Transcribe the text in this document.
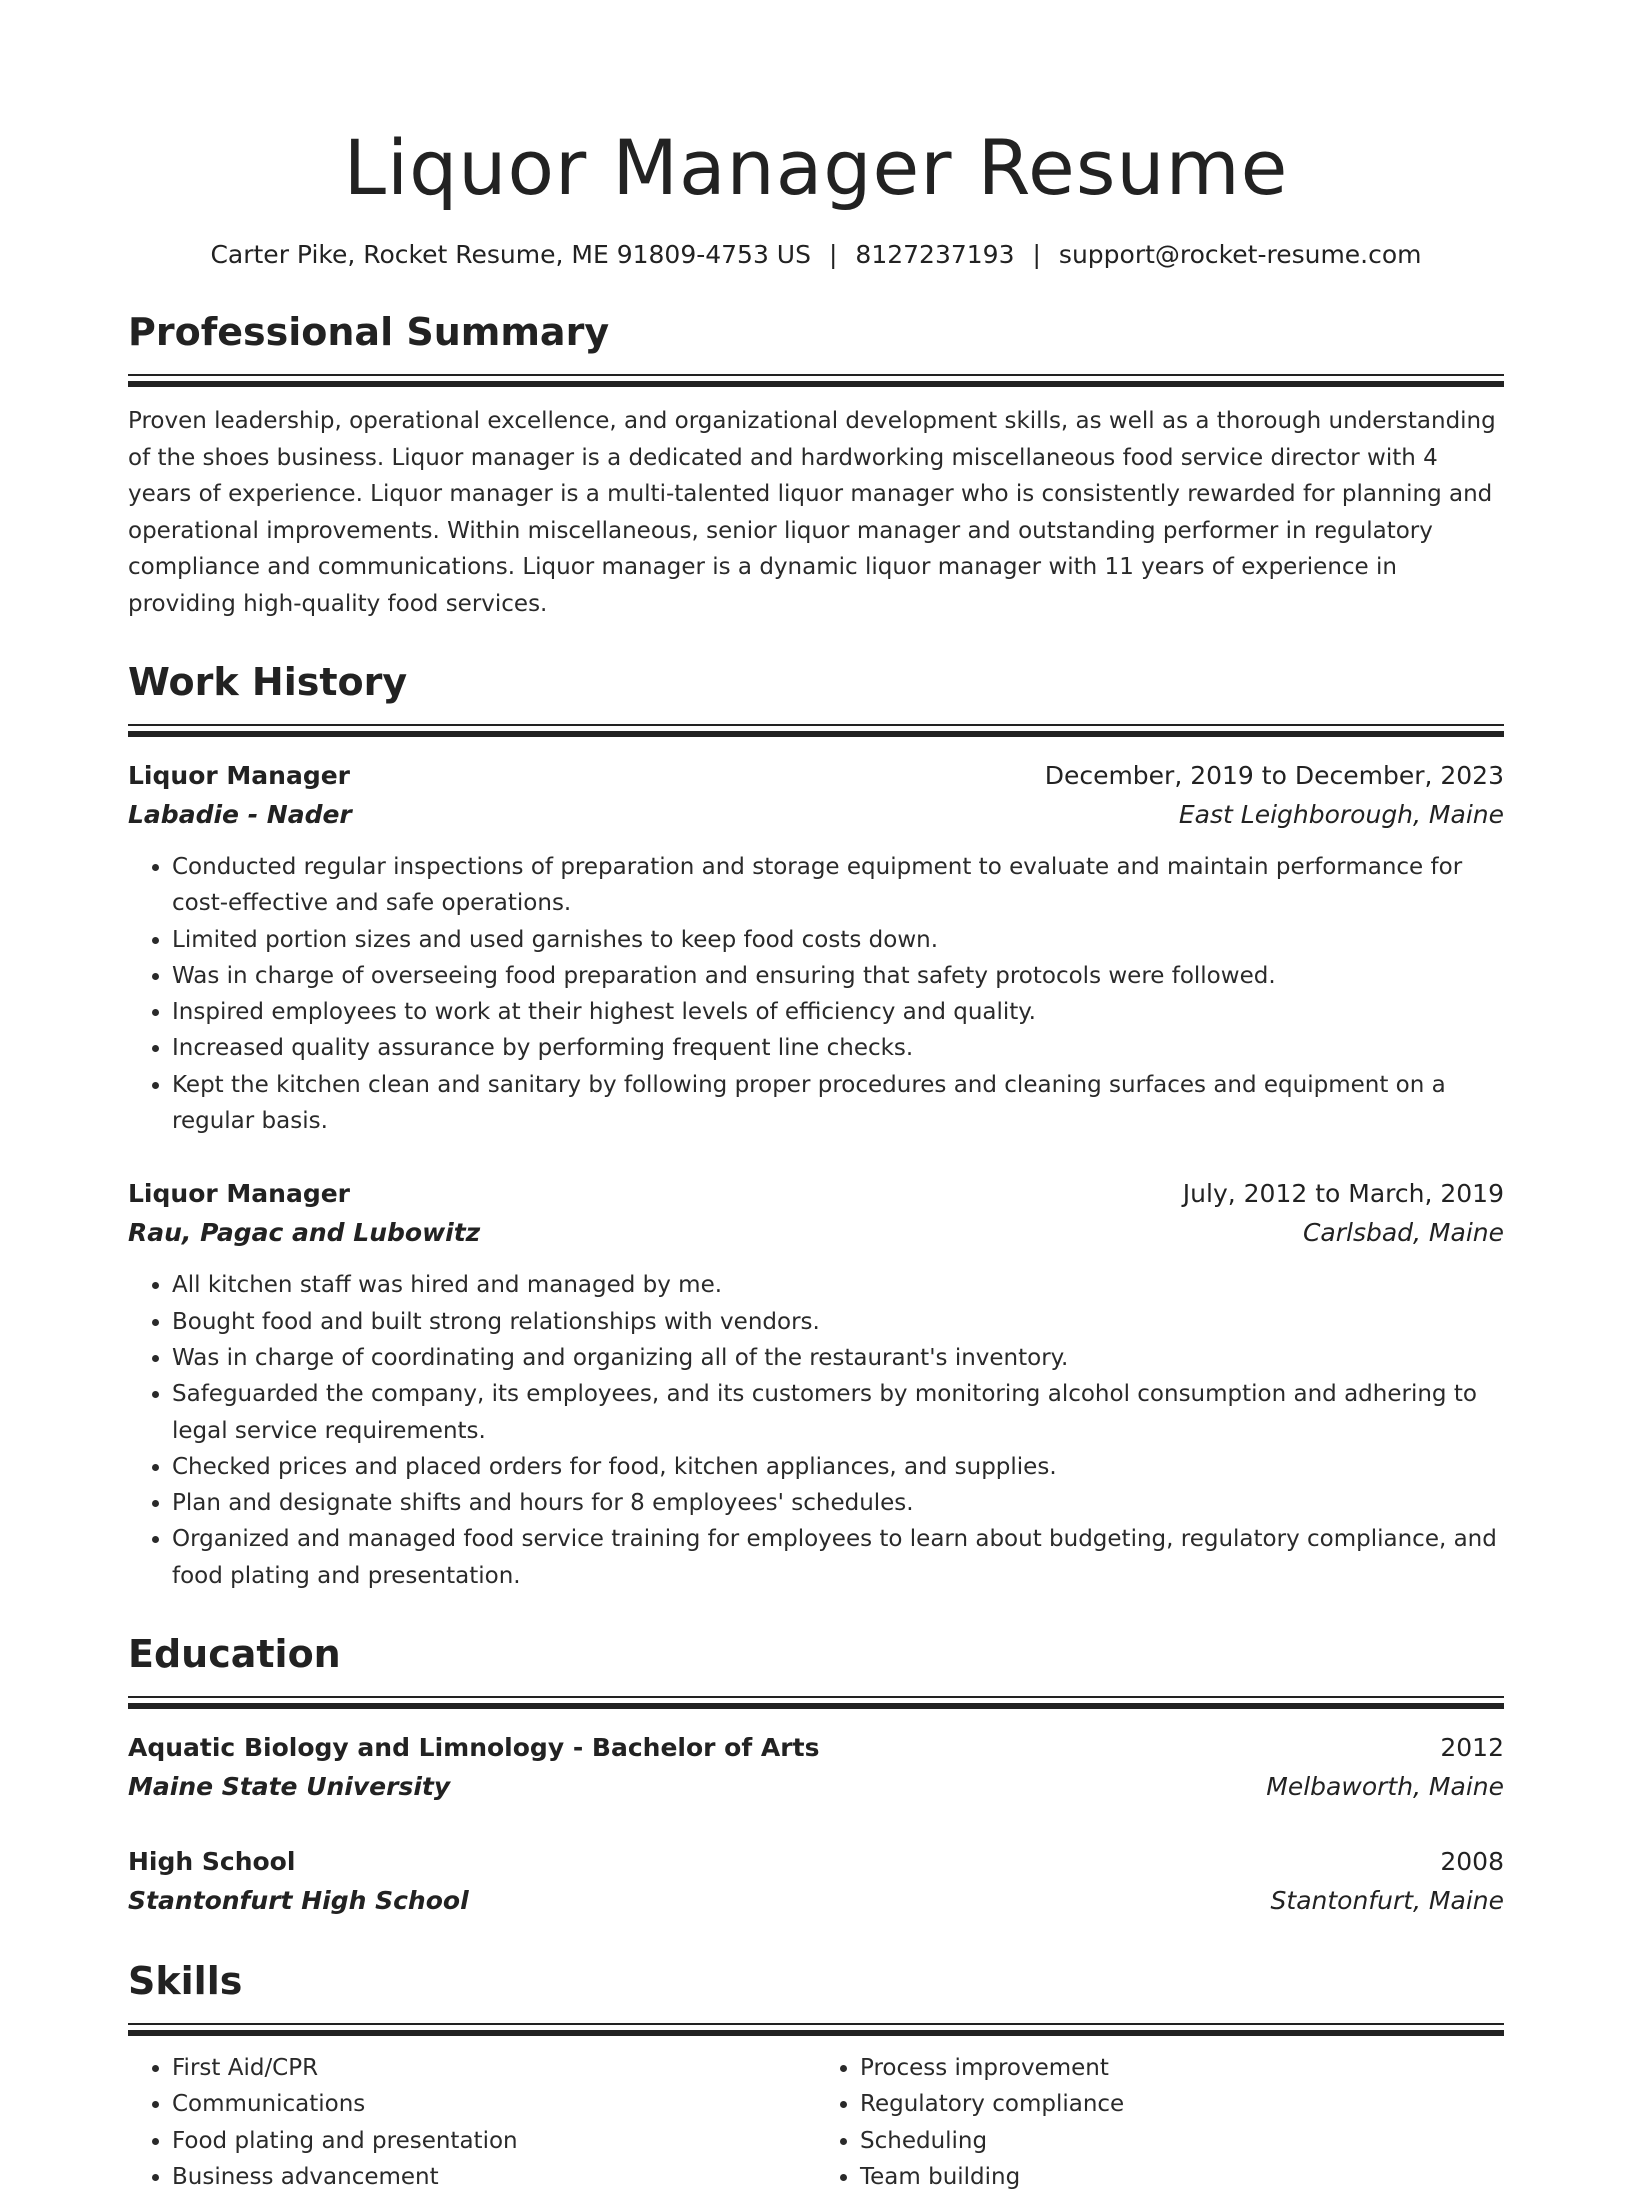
Liquor Manager Resume
Carter Pike, Rocket Resume, ME 91809-4753 US | 8127237193 | support@rocket-resume.com
Professional Summary
Proven leadership, operational excellence, and organizational development skills, as well as a thorough understanding of the shoes business. Liquor manager is a dedicated and hardworking miscellaneous food service director with 4 years of experience. Liquor manager is a multi-talented liquor manager who is consistently rewarded for planning and operational improvements. Within miscellaneous, senior liquor manager and outstanding performer in regulatory compliance and communications. Liquor manager is a dynamic liquor manager with 11 years of experience in providing high-quality food services.
Work History
Liquor Manager	December, 2019 to December, 2023
Labadie - Nader	East Leighborough, Maine
• Conducted regular inspections of preparation and storage equipment to evaluate and maintain performance for cost-effective and safe operations.
• Limited portion sizes and used garnishes to keep food costs down.
• Was in charge of overseeing food preparation and ensuring that safety protocols were followed.
• Inspired employees to work at their highest levels of efficiency and quality.
• Increased quality assurance by performing frequent line checks.
• Kept the kitchen clean and sanitary by following proper procedures and cleaning surfaces and equipment on a regular basis.
Liquor Manager	July, 2012 to March, 2019
Rau, Pagac and Lubowitz	Carlsbad, Maine
• All kitchen staff was hired and managed by me.
• Bought food and built strong relationships with vendors.
• Was in charge of coordinating and organizing all of the restaurant's inventory.
• Safeguarded the company, its employees, and its customers by monitoring alcohol consumption and adhering to legal service requirements.
• Checked prices and placed orders for food, kitchen appliances, and supplies.
• Plan and designate shifts and hours for 8 employees' schedules.
• Organized and managed food service training for employees to learn about budgeting, regulatory compliance, and food plating and presentation.
Education
Aquatic Biology and Limnology - Bachelor of Arts	2012
Maine State University	Melbaworth, Maine
High School	2008
Stantonfurt High School	Stantonfurt, Maine
Skills
• First Aid/CPR
• Communications
• Food plating and presentation
• Business advancement
• Process improvement
• Regulatory compliance
• Scheduling
• Team building
